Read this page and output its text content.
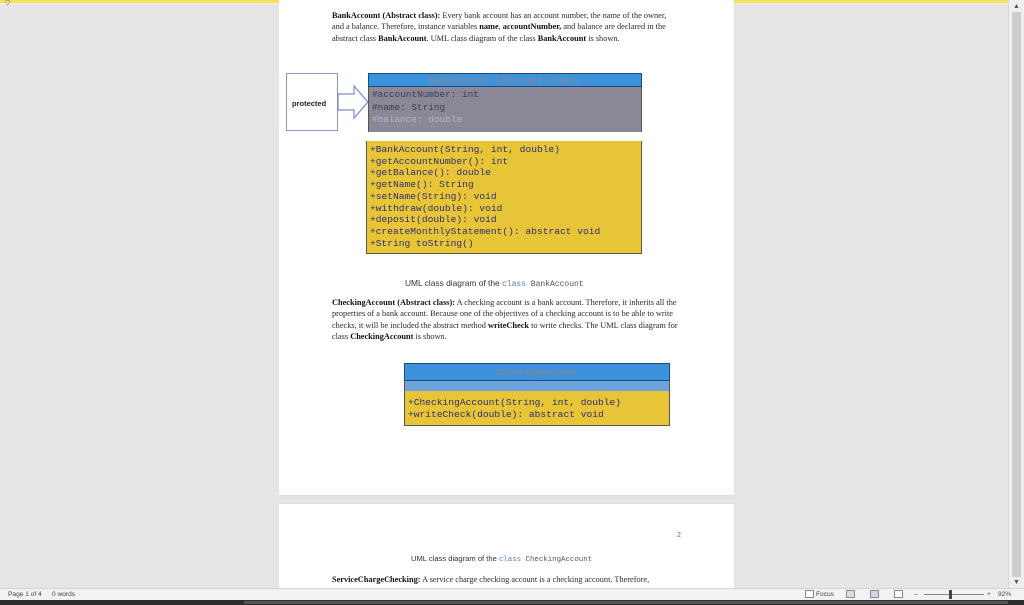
▽
BankAccount (Abstract class): Every bank account has an account number, the name of the owner, and a balance. Therefore, instance variables name, accountNumber, and balance are declared in the abstract class BankAccount. UML class diagram of the class BankAccount is shown.
protected
BankAccount (Abstract class)
#accountNumber: int
#name: String
#balance: double
+BankAccount(String, int, double)
+getAccountNumber(): int
+getBalance(): double
+getName(): String
+setName(String): void
+withdraw(double): void
+deposit(double): void
+createMonthlyStatement(): abstract void
+String toString()
UML class diagram of the class BankAccount
CheckingAccount (Abstract class): A checking account is a bank account. Therefore, it inherits all the properties of a bank account. Because one of the objectives of a checking account is to be able to write checks, it will be included the abstract method writeCheck to write checks. The UML class diagram for class CheckingAccount is shown.
CheckingAccount
+CheckingAccount(String, int, double)
+writeCheck(double): abstract void
2
UML class diagram of the class CheckingAccount
ServiceChargeChecking: A service charge checking account is a checking account. Therefore,
▲
▼
Page 1 of 4 0 words	Focus	–	+ 92%
